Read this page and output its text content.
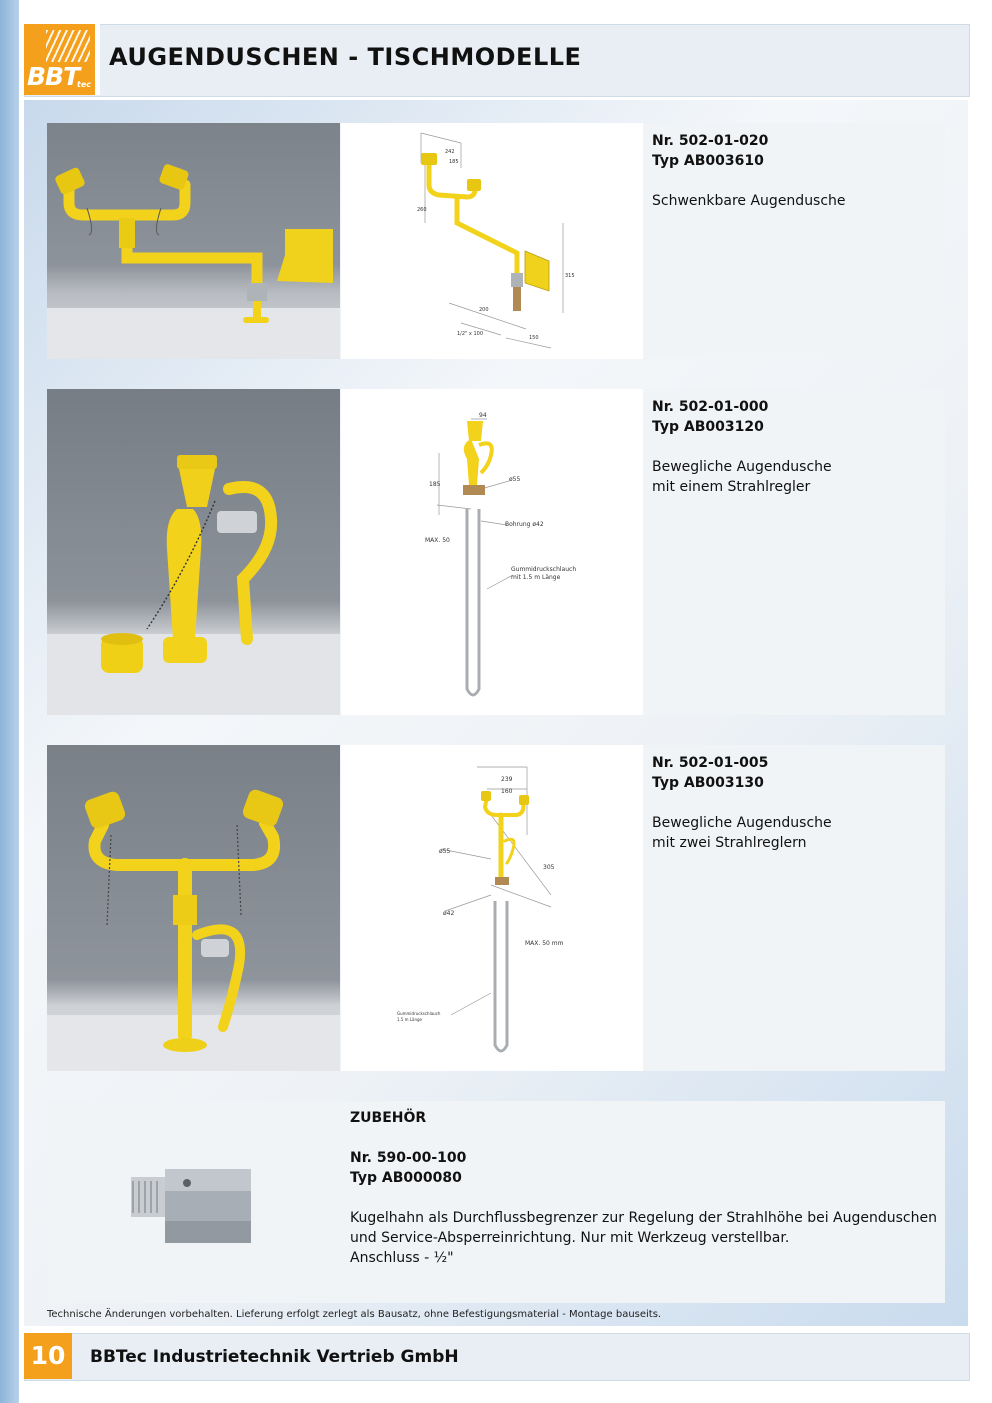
BBT
tec
AUGENDUSCHEN - TISCHMODELLE
242
185
260
315
200
150
1/2" x 100
Nr. 502-01-020
Typ AB003610
Schwenkbare Augendusche
94
185
ø55
Bohrung ø42
MAX. 50
Gummidruckschlauch
mit 1.5 m Länge
Nr. 502-01-000
Typ AB003120
Bewegliche Augendusche
mit einem Strahlregler
239
160
ø55
305
ø42
MAX. 50 mm
Gummidruckschlauch
1.5 m Länge
Nr. 502-01-005
Typ AB003130
Bewegliche Augendusche
mit zwei Strahlreglern
ZUBEHÖR
Nr. 590-00-100
Typ AB000080
Kugelhahn als Durchflussbegrenzer zur Regelung der Strahlhöhe bei Augenduschen
und Service-Absperreinrichtung. Nur mit Werkzeug verstellbar.
Anschluss - ½"
Technische Änderungen vorbehalten. Lieferung erfolgt zerlegt als Bausatz, ohne Befestigungsmaterial - Montage bauseits.
10	BBTec Industrietechnik Vertrieb GmbH
